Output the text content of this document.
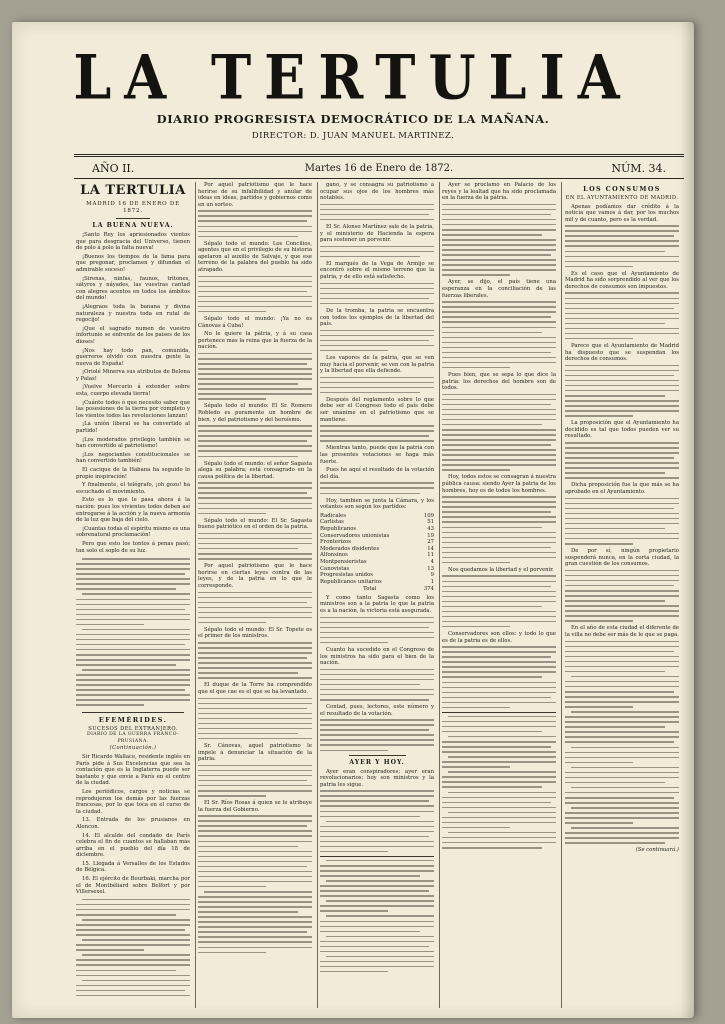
LA TERTULIA
DIARIO PROGRESISTA DEMOCRÁTICO DE LA MAÑANA.
DIRECTOR: D. JUAN MANUEL MARTINEZ.
AÑO II.	Martes 16 de Enero de 1872.	NÚM. 34.
LA TERTULIA
MADRID 16 DE ENERO DE 1872.
LA BUENA NUEVA.

¡Santo Rey los apriesionados vientos que para desgracia del Universo, tienen de polo á polo la falta nueva!

¡Buenos los tiempos de la fama para que pregonar, proclamen y difundan el admirable suceso!

¡Sirenas, ninfas, faunos, tritones, sátyros y náyades, las vuestras cantad con alegres acentos en todos los ámbitos del mundo!

¡Alegraos toda la banana y divina naturaleza y nuestra toda en rutal de regocijo!

¡Que el sagrado numen de vuestro infortunio se enfrente de los paises de los dioses!

¡Nos hay todo pan, comunida, guerreros olvidó con nuestra gente la nueva de España!

¡Oriolé Minerva sus atributos de Belona y Palas!

¡Vuelve Mercurio á extender sobre esta, cuerpo elevada tierra!

¡Cuánto todos ó que necesito saber que las posesiones de la tierra por completo y los vientos todos las revoluciones lanzan!

¡La unión liberal se ha convertido al partido!

¡Los moderados privilegio también se han convertido al patriotismo!

¡Los negociantes constitucionales se han convertido también!

El cacique de la Habana ha seguido lo propio inspiración!

Y finalmente, el telégrafo, ¡oh gozo! ha escuchado el movimiento.

Esto es lo que le pasa ahora á la nación: pues los vivientes todos deben así entregarse á la acción y la nueva armonía de la luz que baja del cielo.

¡Cuantas todas el espíritu mismo es una sobrenatural proclamación!

Pero que esto los tontos á penas pasó; tan solo el soplo de su luz.

EFEMÉRIDES.
SUCESOS DEL EXTRANJERO.
DIARIO DE LA GUERRA FRANCO-PRUSIANA.
(Continuación.)

Sir Ricardo Wallace, residente inglés en París pide á Sus Excelencias que sea la contación que es la Inglaterra puede ser bastante y que envíe a París en el centro de la ciudad.

Los periódicos, cargos y noticias se reprodujeron los demás por las fuerzas francesas, por lo que toca en el curso de la ciudad.

13. Entrada de los prusianos en Alencon.

14. El alcalde del condado de París celebra el fin de cuantos se hallaban más arriba en el pueblo del día 18 de diciembre.

15. Llegada á Versalles de los Estados de Bélgica.

16. El ejército de Bourbaki, marcha por el de Montbéliard sobre Belfort y por Villersexel.

Por aquel patriotismo que le hace herirse de su infalibilidad y anular de ideas en ideas, partidos y gobiernos como en un sorteo.

Sépalo todo el mundo: Los Concilios, agentes que en el privilegio de su historia apelaron al auxilio de Salvaje, y que ese terreno de la palabra del pueblo ha sido atrapado.

Sépalo todo el mundo: ¡Ya no es Cánovas á Cuba!

No le quiere la pátria, y á su casa pertenece mas la reina que la fuerza de la nación.

Sépalo todo el mundo: El Sr. Romero Robledo es puramente un hombre de bien, y del patriotismo y del heroísmo.

Sépalo todo el mundo: el señor Sagasta alega su palabra; está consagrado en la causa política de la libertad.

Sépalo todo el mundo: El Sr. Sagasta bueno patriótico en el orden de la patria.

Por aquel patriotismo que le hace herirse en ciertas leyes contra de las leyes, y de la patria en lo que le corresponde.

Sépalo todo el mundo: El Sr. Topete es el primer de los ministros.

El duque de la Torre ha comprendido que el que cae es el que se ha levantado.

Sr. Cánovas, aquel patriotismo le impele á denunciar la situación de la patria.

El Sr. Ríos Rosas á quien se le atribuye la fuerza del Gobierno.

gano, y se consagra su patriotismo á ocupar sus ojos de los hombres más notables.

El Sr. Alonso Martínez sale de la patria, y el ministerio de Hacienda la espera para sostener un porvenir.

El marqués de la Vega de Armijo se encontró sobre el mismo terreno que la patria, y de ello está satisfecho.

De la tromba, la patria se encuentra con todos los ejemplos de la libertad del país.

Los vapores de la patria, que se ven muy hacia el porvenir, se ven con la patria y la libertad que ella defiende.

Después del reglamento sobre lo que debe ser el Congreso todo el país debe ser unánime en el patriotismo que se mantiene.

Mientras tanto, puede que la patria con las presentes votaciones se haga más fuerte.

Pues he aquí el resultado de la votación del día.

Hoy, tambien se junta la Cámara, y los votantes son según los partidos:

Radicales	109
Carlistas	51
Republicanos	43
Conservadores unionistas	19
Fronterizos	27
Moderados disidentes	14
Alfonsinos	11
Montpensieristas	4
Canovistas	13
Progresistas unidos	9
Republicanos unitarios	1
Total	374

Y como tanto Sagasta como los ministros son a la patria lo que la patria es a la nación, la victoria está asegurada.

Cuanto ha sucedido en el Congreso de los ministros ha sido para el bien de la nación.

Contad, pues, lectores, este número y el resultado de la votación.

AYER Y HOY.

Ayer eran conspiradores; ayer eran revolucionarios; hoy son ministros y la patria les sigue.

Ayer se proclamó en Palacio de los reyes y la lealtad que ha sido proclamada en la fuerza de la pátria.

Ayer, se dijo, el país tiene una esperanza en la conciliación de las fuerzas liberales.

Pues bien, que se sepa lo que dice la patria: los derechos del hombre son de todos.

Hoy, todos estos se consagran á nuestra pública causa: siendo Ayer la patria de los hombres, hoy es de todos los hombres.

Nos quedamos la libertad y el porvenir.

Conservadores son ellos: y todo lo que es de la patria es de ellos.

LOS CONSUMOS
EN EL AYUNTAMIENTO DE MADRID.

Apenas podíamos dar crédito á la noticia que vamos á dar, por los muchos mil y de cuanto, pero es la verdad.

Es el caso que el Ayuntamiento de Madrid ha sido sorprendido al ver que los derechos de consumos son impuestos.

Parece que el Ayuntamiento de Madrid ha dispuesto que se suspendan los derechos de consumos.

La proposición que el Ayuntamiento ha decidido es tal que todos pueden ver su resultado.

Dicha proposición fue la que más se ha aprobado en el Ayuntamiento.

De por sí, ningún propietario suspenderá nunca, en la corta ciudad, la gran cuestión de los consumos.

En el año de esta ciudad el diferente de la villa no debe ser más de lo que se paga.

(Se continuará.)
